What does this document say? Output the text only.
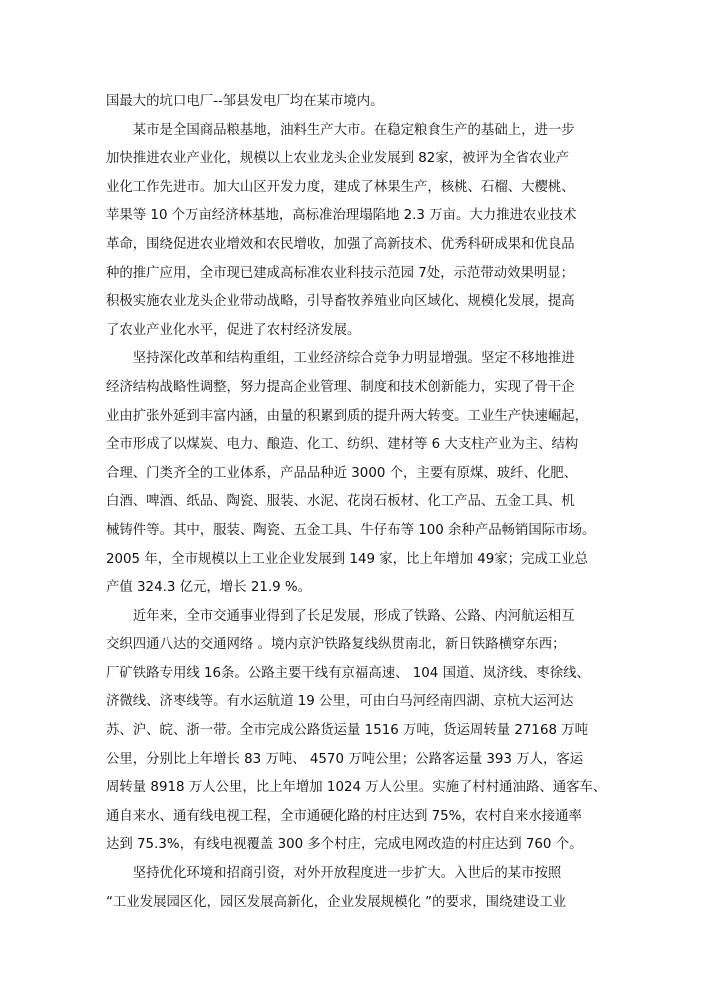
国最大的坑口电厂--邹县发电厂均在某市境内。
　　某市是全国商品粮基地，油料生产大市。在稳定粮食生产的基础上，进一步
加快推进农业产业化，规模以上农业龙头企业发展到 82家，被评为全省农业产
业化工作先进市。加大山区开发力度，建成了林果生产，核桃、石榴、大樱桃、
苹果等 10 个万亩经济林基地，高标准治理塌陷地 2.3 万亩。大力推进农业技术
革命，围绕促进农业增效和农民增收，加强了高新技术、优秀科研成果和优良品
种的推广应用，全市现已建成高标准农业科技示范园 7处，示范带动效果明显；
积极实施农业龙头企业带动战略，引导畜牧养殖业向区域化、规模化发展，提高
了农业产业化水平，促进了农村经济发展。
　　坚持深化改革和结构重组，工业经济综合竞争力明显增强。坚定不移地推进
经济结构战略性调整，努力提高企业管理、制度和技术创新能力，实现了骨干企
业由扩张外延到丰富内涵，由量的积累到质的提升两大转变。工业生产快速崛起，
全市形成了以煤炭、电力、酿造、化工、纺织、建材等 6 大支柱产业为主、结构
合理、门类齐全的工业体系，产品品种近 3000 个，主要有原煤、玻纤、化肥、
白酒、啤酒、纸品、陶瓷、服装、水泥、花岗石板材、化工产品、五金工具、机
械铸件等。其中，服装、陶瓷、五金工具、牛仔布等 100 余种产品畅销国际市场。
2005 年，全市规模以上工业企业发展到 149 家，比上年增加 49家；完成工业总
产值 324.3 亿元，增长 21.9 %。
　　近年来，全市交通事业得到了长足发展，形成了铁路、公路、内河航运相互
交织四通八达的交通网络 。境内京沪铁路复线纵贯南北，新日铁路横穿东西；
厂矿铁路专用线 16条。公路主要干线有京福高速、 104 国道、岚济线、枣徐线、
济微线、济枣线等。有水运航道 19 公里，可由白马河经南四湖、京杭大运河达
苏、沪、皖、浙一带。全市完成公路货运量 1516 万吨，货运周转量 27168 万吨
公里，分别比上年增长 83 万吨、 4570 万吨公里；公路客运量 393 万人，客运
周转量 8918 万人公里，比上年增加 1024 万人公里。实施了村村通油路、通客车、
通自来水、通有线电视工程，全市通硬化路的村庄达到 75%，农村自来水接通率
达到 75.3%，有线电视覆盖 300 多个村庄，完成电网改造的村庄达到 760 个。
　　坚持优化环境和招商引资，对外开放程度进一步扩大。入世后的某市按照
“工业发展园区化，园区发展高新化，企业发展规模化 ”的要求，围绕建设工业
